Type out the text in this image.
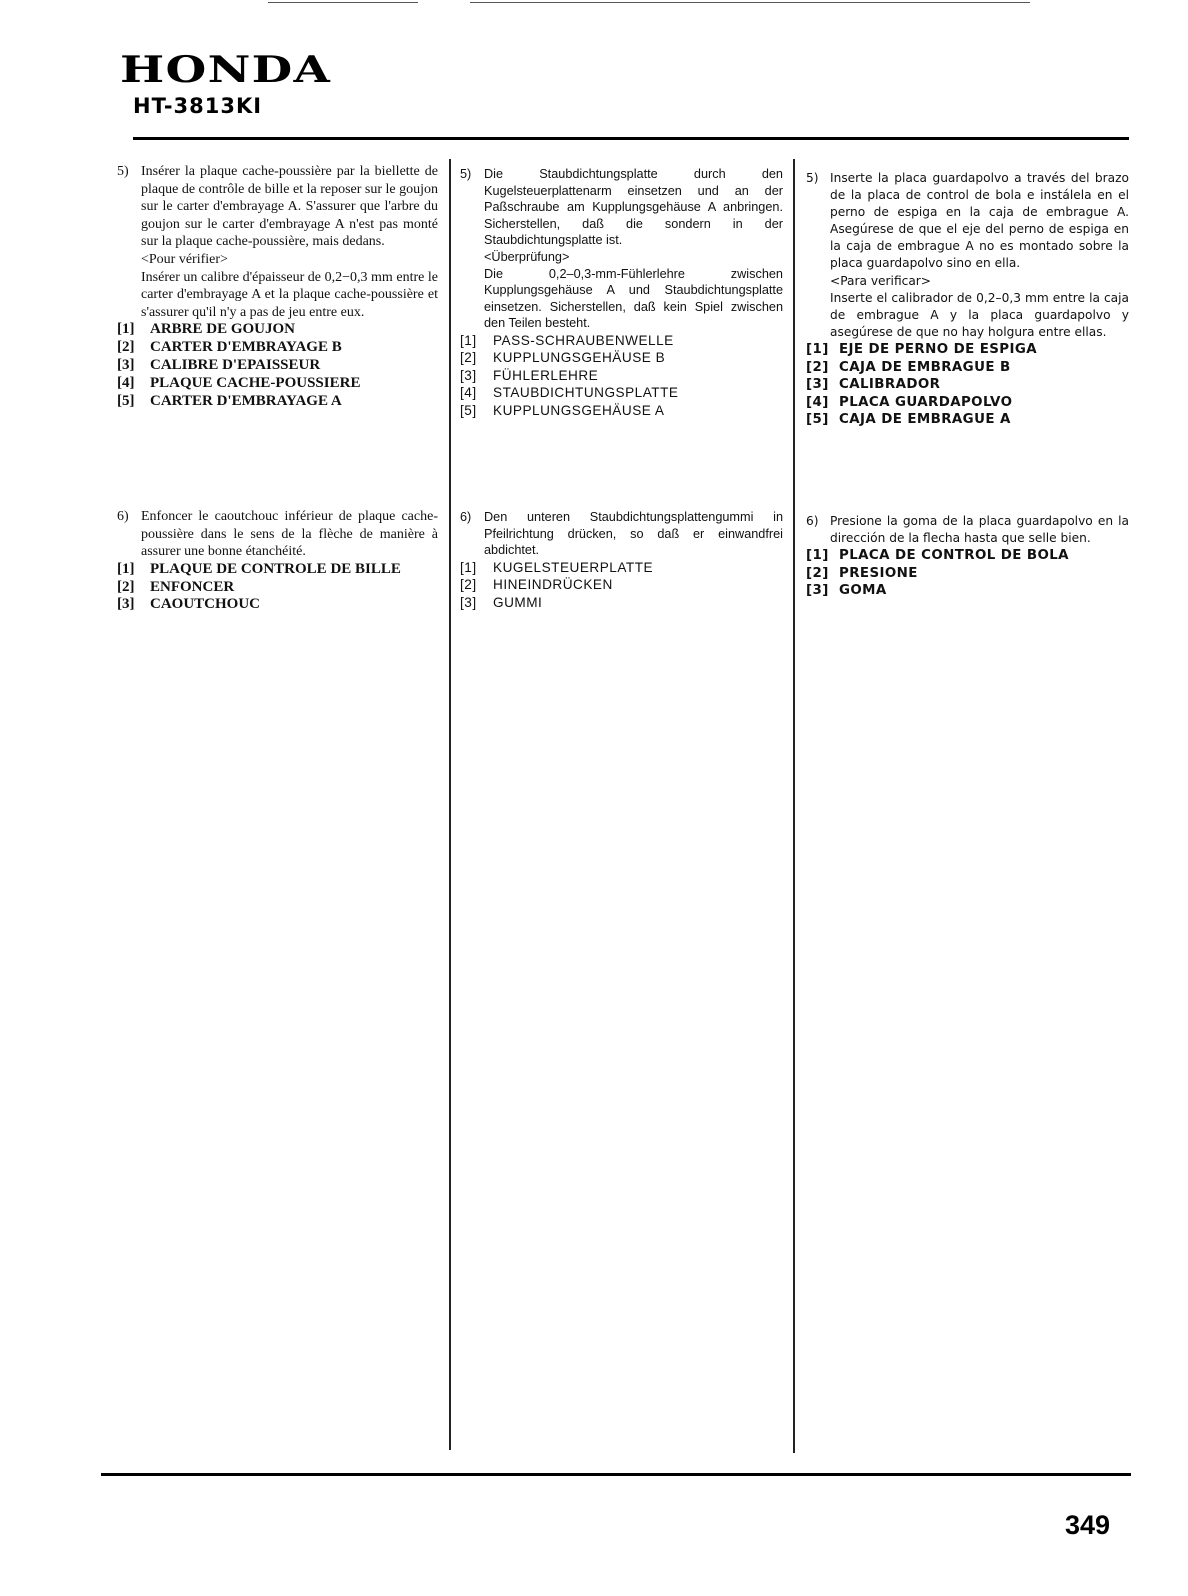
HONDA
HT-3813KI
5) Insérer la plaque cache-poussière par la biellette de plaque de contrôle de bille et la reposer sur le goujon sur le carter d'embrayage A. S'assurer que l'arbre du goujon sur le carter d'embrayage A n'est pas monté sur la plaque cache-poussière, mais dedans.

<Pour vérifier>

Insérer un calibre d'épaisseur de 0,2−0,3 mm entre le carter d'embrayage A et la plaque cache-poussière et s'assurer qu'il n'y a pas de jeu entre eux.

[1] ARBRE DE GOUJON
[2] CARTER D'EMBRAYAGE B
[3] CALIBRE D'EPAISSEUR
[4] PLAQUE CACHE-POUSSIERE
[5] CARTER D'EMBRAYAGE A
6) Enfoncer le caoutchouc inférieur de plaque cache-poussière dans le sens de la flèche de manière à assurer une bonne étanchéité.

[1] PLAQUE DE CONTROLE DE BILLE
[2] ENFONCER
[3] CAOUTCHOUC
5) Die Staubdichtungsplatte durch den Kugelsteuerplattenarm einsetzen und an der Paßschraube am Kupplungsgehäuse A anbringen. Sicherstellen, daß die sondern in der Staubdichtungsplatte ist.

<Überprüfung>

Die 0,2–0,3-mm-Fühlerlehre zwischen Kupplungsgehäuse A und Staubdichtungsplatte einsetzen. Sicherstellen, daß kein Spiel zwischen den Teilen besteht.

[1] PASS-SCHRAUBENWELLE
[2] KUPPLUNGSGEHÄUSE B
[3] FÜHLERLEHRE
[4] STAUBDICHTUNGSPLATTE
[5] KUPPLUNGSGEHÄUSE A
6) Den unteren Staubdichtungsplattengummi in Pfeilrichtung drücken, so daß er einwandfrei abdichtet.

[1] KUGELSTEUERPLATTE
[2] HINEINDRÜCKEN
[3] GUMMI
5) Inserte la placa guardapolvo a través del brazo de la placa de control de bola e instálela en el perno de espiga en la caja de embrague A. Asegúrese de que el eje del perno de espiga en la caja de embrague A no es montado sobre la placa guardapolvo sino en ella.

<Para verificar>

Inserte el calibrador de 0,2–0,3 mm entre la caja de embrague A y la placa guardapolvo y asegúrese de que no hay holgura entre ellas.

[1] EJE DE PERNO DE ESPIGA
[2] CAJA DE EMBRAGUE B
[3] CALIBRADOR
[4] PLACA GUARDAPOLVO
[5] CAJA DE EMBRAGUE A
6) Presione la goma de la placa guardapolvo en la dirección de la flecha hasta que selle bien.

[1] PLACA DE CONTROL DE BOLA
[2] PRESIONE
[3] GOMA
349
